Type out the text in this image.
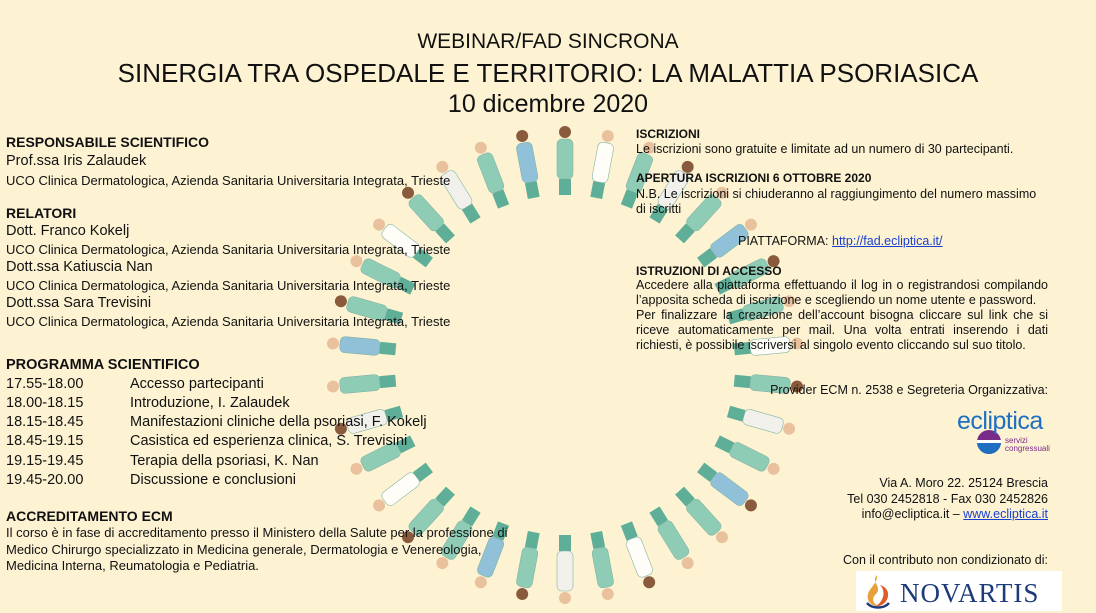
WEBINAR/FAD SINCRONA
SINERGIA TRA OSPEDALE E TERRITORIO: LA MALATTIA PSORIASICA
10 dicembre 2020
RESPONSABILE SCIENTIFICO
Prof.ssa Iris Zalaudek
UCO Clinica Dermatologica, Azienda Sanitaria Universitaria Integrata, Trieste
RELATORI
Dott. Franco Kokelj
UCO Clinica Dermatologica, Azienda Sanitaria Universitaria Integrata, Trieste
Dott.ssa Katiuscia Nan
UCO Clinica Dermatologica, Azienda Sanitaria Universitaria Integrata, Trieste
Dott.ssa Sara Trevisini
UCO Clinica Dermatologica, Azienda Sanitaria Universitaria Integrata, Trieste
PROGRAMMA SCIENTIFICO
17.55-18.00	Accesso partecipanti
18.00-18.15	Introduzione, I. Zalaudek
18.15-18.45	Manifestazioni cliniche della psoriasi, F. Kokelj
18.45-19.15	Casistica ed esperienza clinica, S. Trevisini
19.15-19.45	Terapia della psoriasi, K. Nan
19.45-20.00	Discussione e conclusioni
ACCREDITAMENTO ECM
Il corso è in fase di accreditamento presso il Ministero della Salute per la professione di Medico Chirurgo specializzato in Medicina generale, Dermatologia e Venereologia, Medicina Interna, Reumatologia e Pediatria.
ISCRIZIONI
Le iscrizioni sono gratuite e limitate ad un numero di 30 partecipanti.
APERTURA ISCRIZIONI 6 OTTOBRE 2020
N.B. Le iscrizioni si chiuderanno al raggiungimento del numero massimo di iscritti
PIATTAFORMA: http://fad.ecliptica.it/
ISTRUZIONI DI ACCESSO
Accedere alla piattaforma effettuando il log in o registrandosi compilando l’apposita scheda di iscrizione e scegliendo un nome utente e password.
Per finalizzare la creazione dell’account bisogna cliccare sul link che si riceve automaticamente per mail. Una volta entrati inserendo i dati richiesti, è possibile iscriversi al singolo evento cliccando sul suo titolo.
Provider ECM n. 2538 e Segreteria Organizzativa:
ecliptica
servizi
congressuali
Via A. Moro 22. 25124 Brescia
Tel 030 2452818 - Fax 030 2452826
info@ecliptica.it – www.ecliptica.it
Con il contributo non condizionato di:
NOVARTIS
